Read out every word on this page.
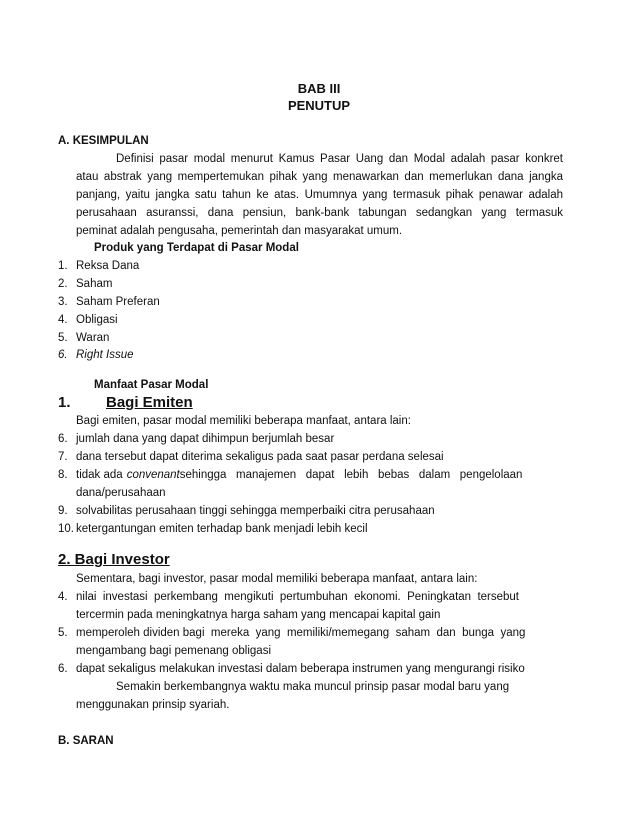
BAB III
PENUTUP
A. KESIMPULAN
Definisi pasar modal menurut Kamus Pasar Uang dan Modal adalah pasar konkret
atau abstrak yang mempertemukan pihak yang menawarkan dan memerlukan dana jangka
panjang, yaitu jangka satu tahun ke atas. Umumnya yang termasuk pihak penawar adalah
perusahaan asuranssi, dana pensiun, bank-bank tabungan sedangkan yang termasuk
peminat adalah pengusaha, pemerintah dan masyarakat umum.
Produk yang Terdapat di Pasar Modal
1. Reksa Dana
2. Saham
3. Saham Preferan
4. Obligasi
5. Waran
6. Right Issue
Manfaat Pasar Modal
1. Bagi Emiten
Bagi emiten, pasar modal memiliki beberapa manfaat, antara lain:
6. jumlah dana yang dapat dihimpun berjumlah besar
7. dana tersebut dapat diterima sekaligus pada saat pasar perdana selesai
8. tidak ada convenantsehingga   manajemen   dapat   lebih   bebas   dalam   pengelolaan
dana/perusahaan
9. solvabilitas perusahaan tinggi sehingga memperbaiki citra perusahaan
10. ketergantungan emiten terhadap bank menjadi lebih kecil
2. Bagi Investor
Sementara, bagi investor, pasar modal memiliki beberapa manfaat, antara lain:
4. nilai  investasi  perkembang  mengikuti  pertumbuhan  ekonomi.  Peningkatan  tersebut
tercermin pada meningkatnya harga saham yang mencapai kapital gain
5. memperoleh dividen bagi  mereka  yang  memiliki/memegang  saham  dan  bunga  yang
mengambang bagi pemenang obligasi
6. dapat sekaligus melakukan investasi dalam beberapa instrumen yang mengurangi risiko
Semakin berkembangnya waktu maka muncul prinsip pasar modal baru yang
menggunakan prinsip syariah.
B. SARAN
